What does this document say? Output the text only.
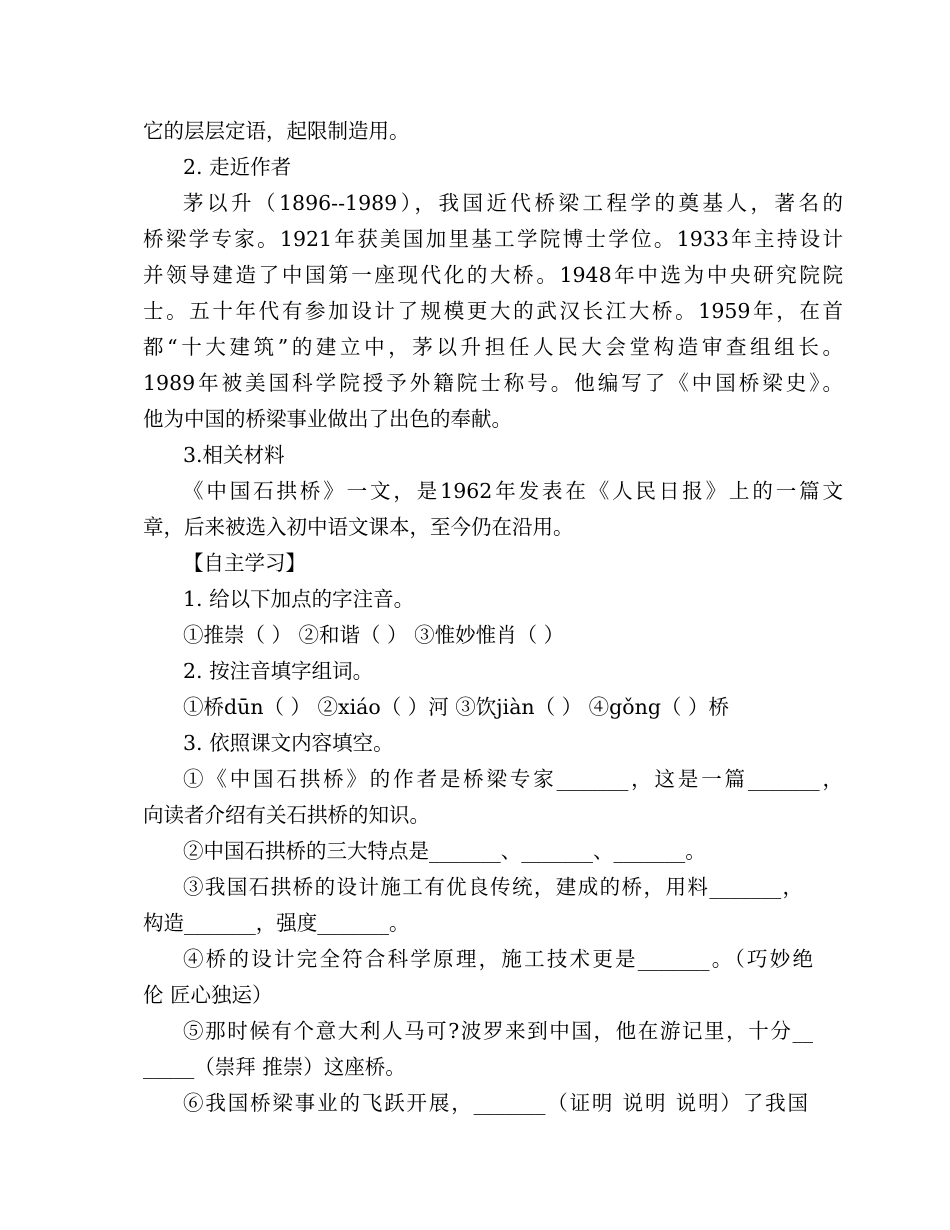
它的层层定语，起限制造用。
2. 走近作者
茅以升（1896--1989），我国近代桥梁工程学的奠基人，著名的
桥梁学专家。1921年获美国加里基工学院博士学位。1933年主持设计
并领导建造了中国第一座现代化的大桥。1948年中选为中央研究院院
士。五十年代有参加设计了规模更大的武汉长江大桥。1959年，在首
都“十大建筑”的建立中，茅以升担任人民大会堂构造审查组组长。
1989年被美国科学院授予外籍院士称号。他编写了《中国桥梁史》。
他为中国的桥梁事业做出了出色的奉献。
3.相关材料
《中国石拱桥》一文，是1962年发表在《人民日报》上的一篇文
章，后来被选入初中语文课本，至今仍在沿用。
【自主学习】
1. 给以下加点的字注音。
①推崇（ ） ②和谐（ ） ③惟妙惟肖（ ）
2. 按注音填字组词。
①桥dūn（ ） ②xiáo（ ）河 ③饮jiàn（ ） ④gǒng（ ）桥
3. 依照课文内容填空。
①《中国石拱桥》的作者是桥梁专家_______，这是一篇_______，
向读者介绍有关石拱桥的知识。
②中国石拱桥的三大特点是_______、_______、_______。
③我国石拱桥的设计施工有优良传统，建成的桥，用料_______，
构造_______，强度_______。
④桥的设计完全符合科学原理，施工技术更是_______。（巧妙绝
伦 匠心独运）
⑤那时候有个意大利人马可?波罗来到中国，他在游记里，十分__
_____（崇拜 推崇）这座桥。
⑥我国桥梁事业的飞跃开展，_______（证明 说明 说明）了我国
